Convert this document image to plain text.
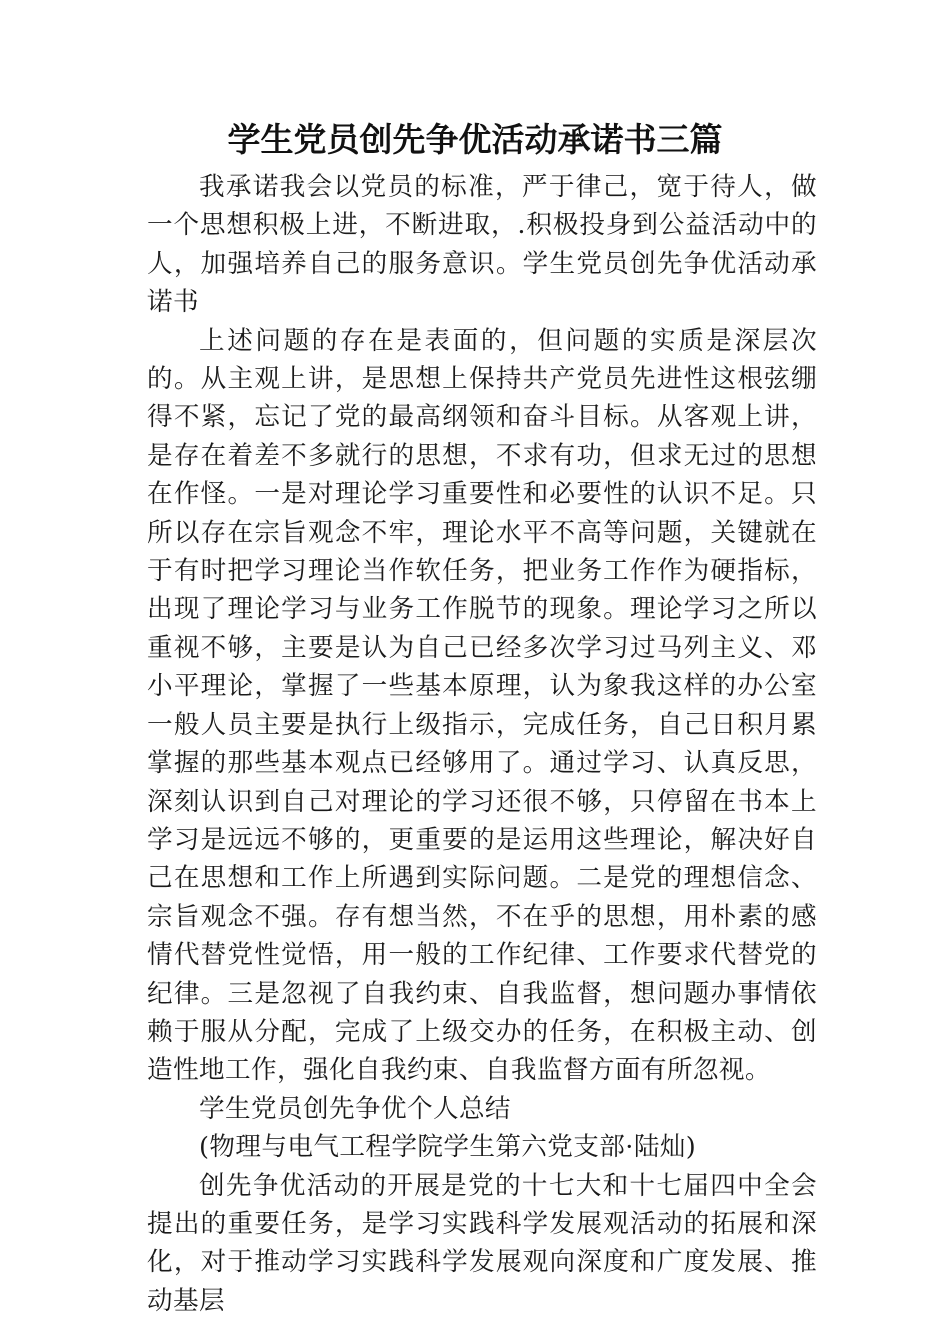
学生党员创先争优活动承诺书三篇

我承诺我会以党员的标准，严于律己，宽于待人，做一个思想积极上进，不断进取，.积极投身到公益活动中的人，加强培养自己的服务意识。学生党员创先争优活动承诺书

上述问题的存在是表面的，但问题的实质是深层次的。从主观上讲，是思想上保持共产党员先进性这根弦绷得不紧，忘记了党的最高纲领和奋斗目标。从客观上讲，是存在着差不多就行的思想，不求有功，但求无过的思想在作怪。一是对理论学习重要性和必要性的认识不足。只所以存在宗旨观念不牢，理论水平不高等问题，关键就在于有时把学习理论当作软任务，把业务工作作为硬指标，出现了理论学习与业务工作脱节的现象。理论学习之所以重视不够，主要是认为自己已经多次学习过马列主义、邓小平理论，掌握了一些基本原理，认为象我这样的办公室一般人员主要是执行上级指示，完成任务，自己日积月累掌握的那些基本观点已经够用了。通过学习、认真反思，深刻认识到自己对理论的学习还很不够，只停留在书本上学习是远远不够的，更重要的是运用这些理论，解决好自己在思想和工作上所遇到实际问题。二是党的理想信念、宗旨观念不强。存有想当然，不在乎的思想，用朴素的感情代替党性觉悟，用一般的工作纪律、工作要求代替党的纪律。三是忽视了自我约束、自我监督，想问题办事情依赖于服从分配，完成了上级交办的任务，在积极主动、创造性地工作，强化自我约束、自我监督方面有所忽视。

学生党员创先争优个人总结

(物理与电气工程学院学生第六党支部·陆灿)

创先争优活动的开展是党的十七大和十七届四中全会提出的重要任务，是学习实践科学发展观活动的拓展和深化，对于推动学习实践科学发展观向深度和广度发展、推动基层
